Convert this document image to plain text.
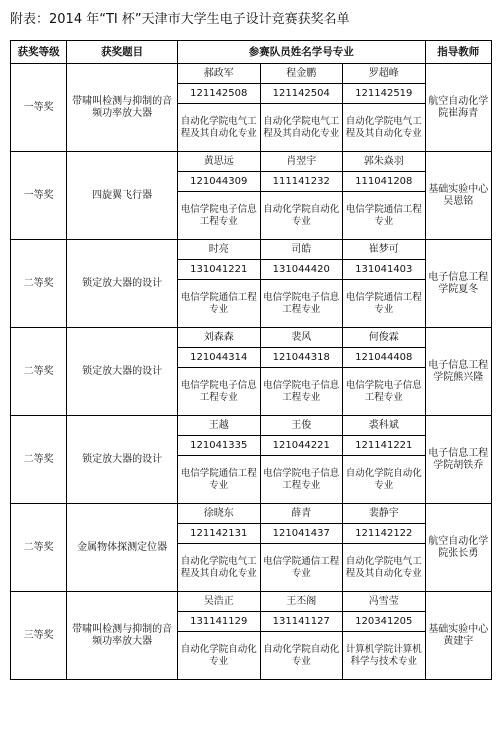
附表：2014 年“TI 杯”天津市大学生电子设计竞赛获奖名单
获奖等级	获奖题目	参赛队员姓名学号专业			指导教师
一等奖	带啸叫检测与抑制的音频功率放大器	郝政军	程金鹏	罗超峰	航空自动化学院崔海青
		121142508	121142504	121142519	
		自动化学院电气工程及其自动化专业	自动化学院电气工程及其自动化专业	自动化学院电气工程及其自动化专业	
一等奖	四旋翼飞行器	黄思远	肖翌宇	郭朱焱羽	基础实验中心吴恩铭
		121044309	111141232	111041208	
		电信学院电子信息工程专业	自动化学院自动化专业	电信学院通信工程专业	
二等奖	锁定放大器的设计	时亮	司皓	崔梦可	电子信息工程学院夏冬
		131041221	131044420	131041403	
		电信学院通信工程专业	电信学院电子信息工程专业	电信学院通信工程专业	
二等奖	锁定放大器的设计	刘森森	裴风	何俊霖	电子信息工程学院熊兴隆
		121044314	121044318	121044408	
		电信学院电子信息工程专业	电信学院电子信息工程专业	电信学院电子信息工程专业	
二等奖	锁定放大器的设计	王越	王俊	裘科斌	电子信息工程学院胡铁乔
		121041335	121044221	121141221	
		电信学院通信工程专业	电信学院电子信息工程专业	自动化学院自动化专业	
二等奖	金属物体探测定位器	徐晓东	薛青	裴静宇	航空自动化学院张长勇
		121142131	121041437	121142122	
		自动化学院电气工程及其自动化专业	电信学院通信工程专业	自动化学院电气工程及其自动化专业	
三等奖	带啸叫检测与抑制的音频功率放大器	吴浩正	王丕阁	冯雪莹	基础实验中心黄建宇
		131141129	131141127	120341205	
		自动化学院自动化专业	自动化学院自动化专业	计算机学院计算机科学与技术专业	
